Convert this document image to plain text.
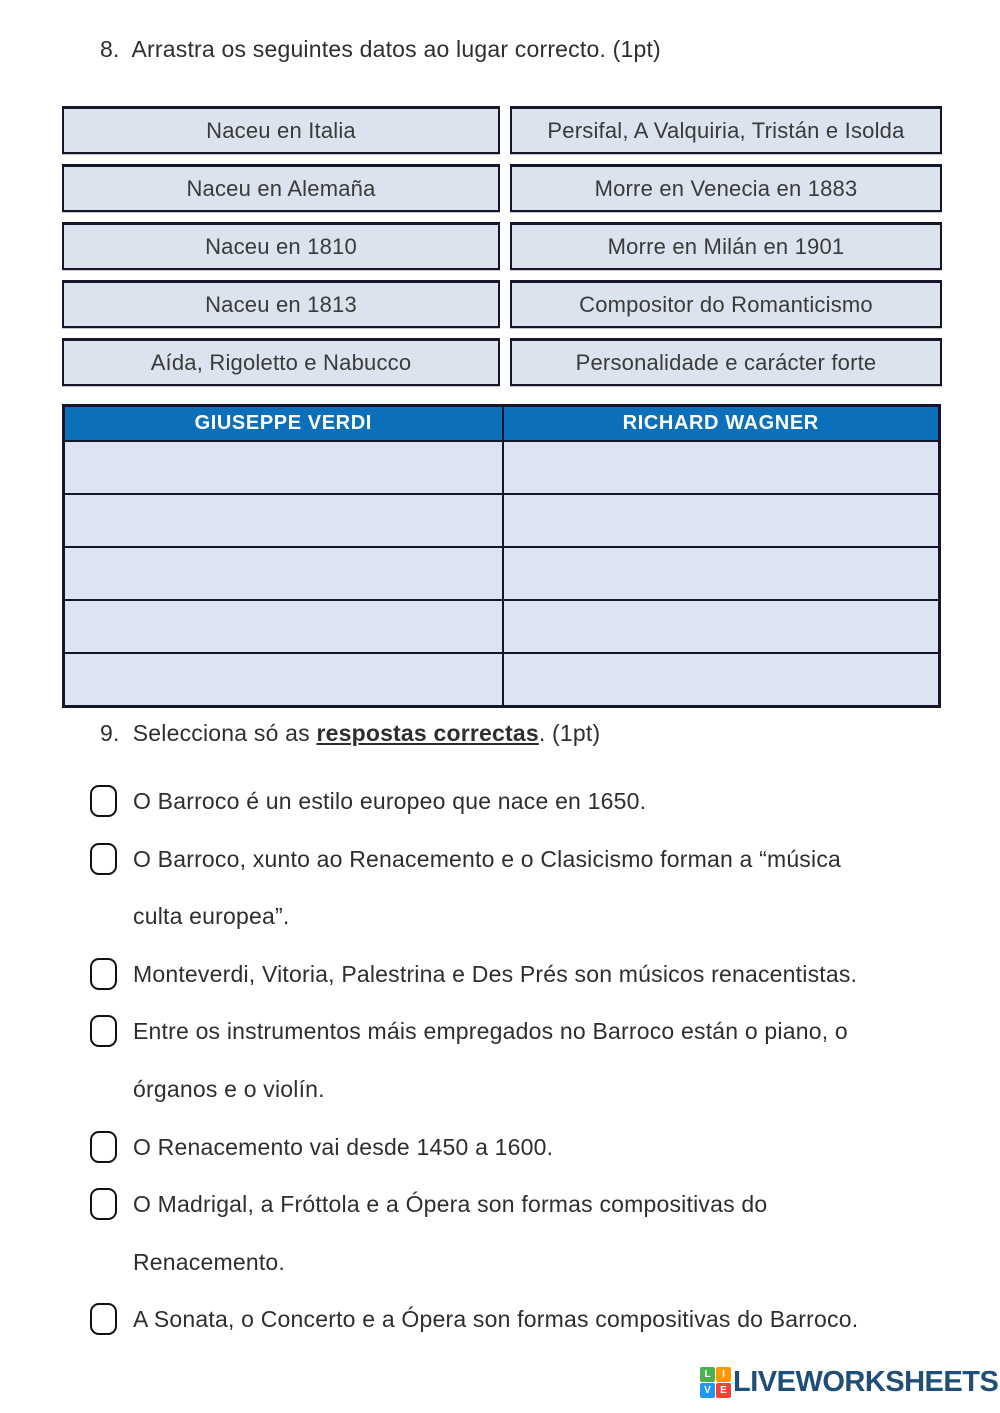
8.  Arrastra os seguintes datos ao lugar correcto. (1pt)
Naceu en Italia	Persifal, A Valquiria, Tristán e Isolda
Naceu en Alemaña	Morre en Venecia en 1883
Naceu en 1810	Morre en Milán en 1901
Naceu en 1813	Compositor do Romanticismo
Aída, Rigoletto e Nabucco	Personalidade e carácter forte
GIUSEPPE VERDI	RICHARD WAGNER
9.  Selecciona só as respostas correctas. (1pt)
O Barroco é un estilo europeo que nace en 1650.
O Barroco, xunto ao Renacemento e o Clasicismo forman a “música
culta europea”.
Monteverdi, Vitoria, Palestrina e Des Prés son músicos renacentistas.
Entre os instrumentos máis empregados no Barroco están o piano, o
órganos e o violín.
O Renacemento vai desde 1450 a 1600.
O Madrigal, a Fróttola e a Ópera son formas compositivas do
Renacemento.
A Sonata, o Concerto e a Ópera son formas compositivas do Barroco.
L	I
V E LIVEWORKSHEETS
